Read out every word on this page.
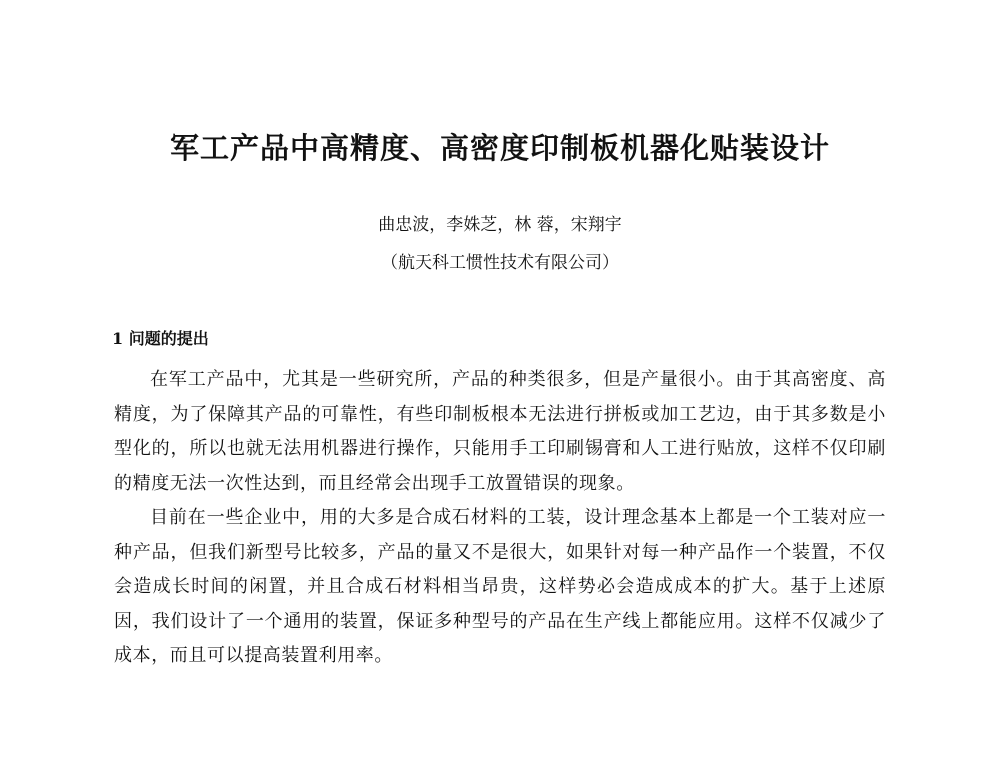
军工产品中高精度、高密度印制板机器化贴装设计
曲忠波，李姝芝，林 蓉，宋翔宇
（航天科工惯性技术有限公司）
1 问题的提出

在军工产品中，尤其是一些研究所，产品的种类很多，但是产量很小。由于其高密度、高精度，为了保障其产品的可靠性，有些印制板根本无法进行拼板或加工艺边，由于其多数是小型化的，所以也就无法用机器进行操作，只能用手工印刷锡膏和人工进行贴放，这样不仅印刷的精度无法一次性达到，而且经常会出现手工放置错误的现象。

目前在一些企业中，用的大多是合成石材料的工装，设计理念基本上都是一个工装对应一种产品，但我们新型号比较多，产品的量又不是很大，如果针对每一种产品作一个装置，不仅会造成长时间的闲置，并且合成石材料相当昂贵，这样势必会造成成本的扩大。基于上述原因，我们设计了一个通用的装置，保证多种型号的产品在生产线上都能应用。这样不仅减少了成本，而且可以提高装置利用率。
